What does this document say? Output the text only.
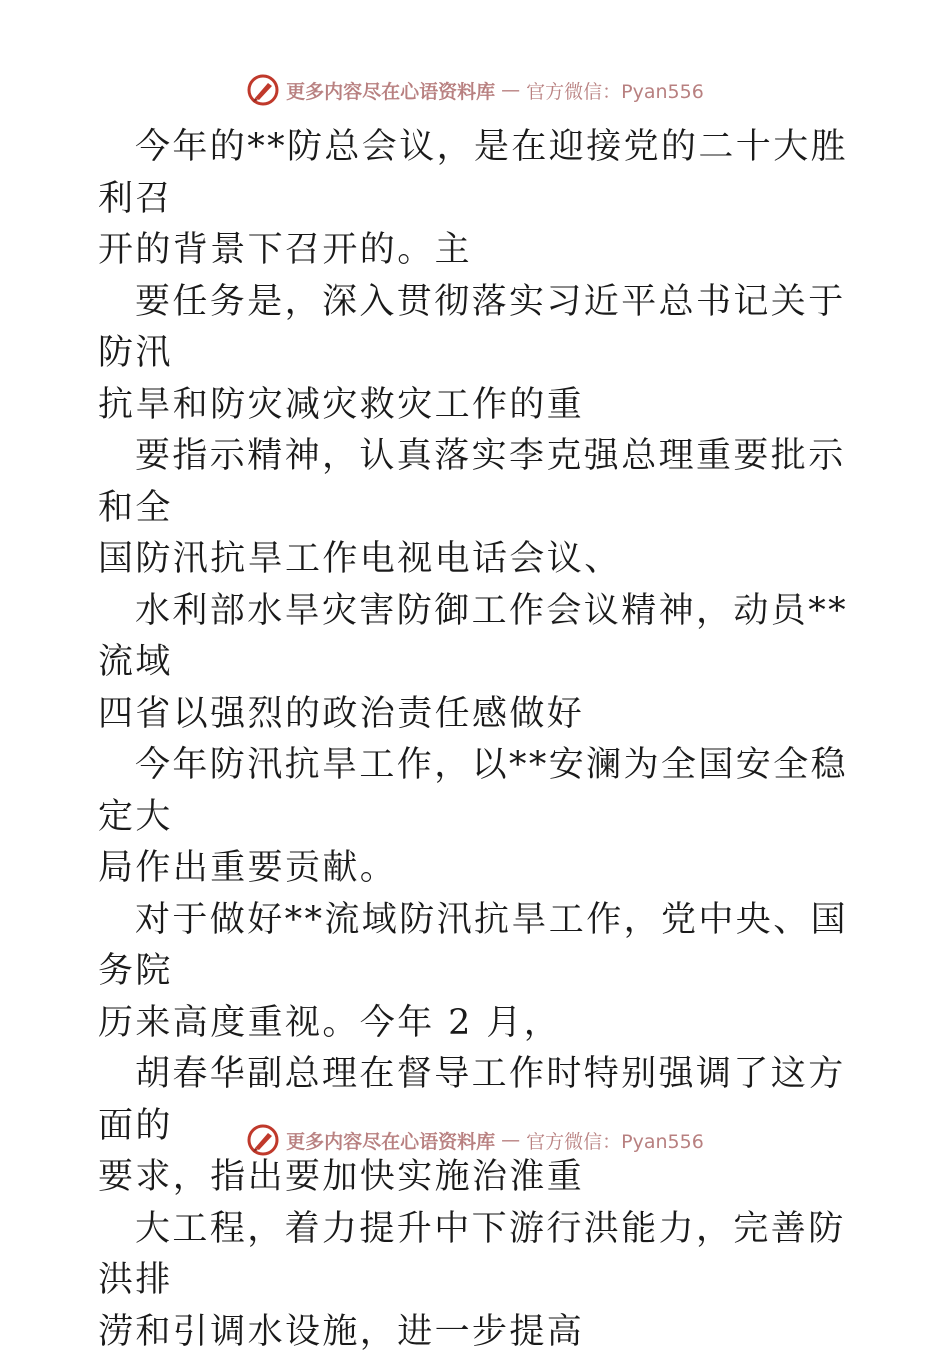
更多内容尽在心语资料库 — 官方微信：Pyan556

今年的**防总会议，是在迎接党的二十大胜利召
开的背景下召开的。主

要任务是，深入贯彻落实习近平总书记关于防汛
抗旱和防灾减灾救灾工作的重

要指示精神，认真落实李克强总理重要批示和全
国防汛抗旱工作电视电话会议、

水利部水旱灾害防御工作会议精神，动员**流域
四省以强烈的政治责任感做好

今年防汛抗旱工作，以**安澜为全国安全稳定大
局作出重要贡献。

对于做好**流域防汛抗旱工作，党中央、国务院
历来高度重视。今年 2 月，

胡春华副总理在督导工作时特别强调了这方面的
要求，指出要加快实施治淮重

大工程，着力提升中下游行洪能力，完善防洪排
涝和引调水设施，进一步提高

更多内容尽在心语资料库 — 官方微信：Pyan556
